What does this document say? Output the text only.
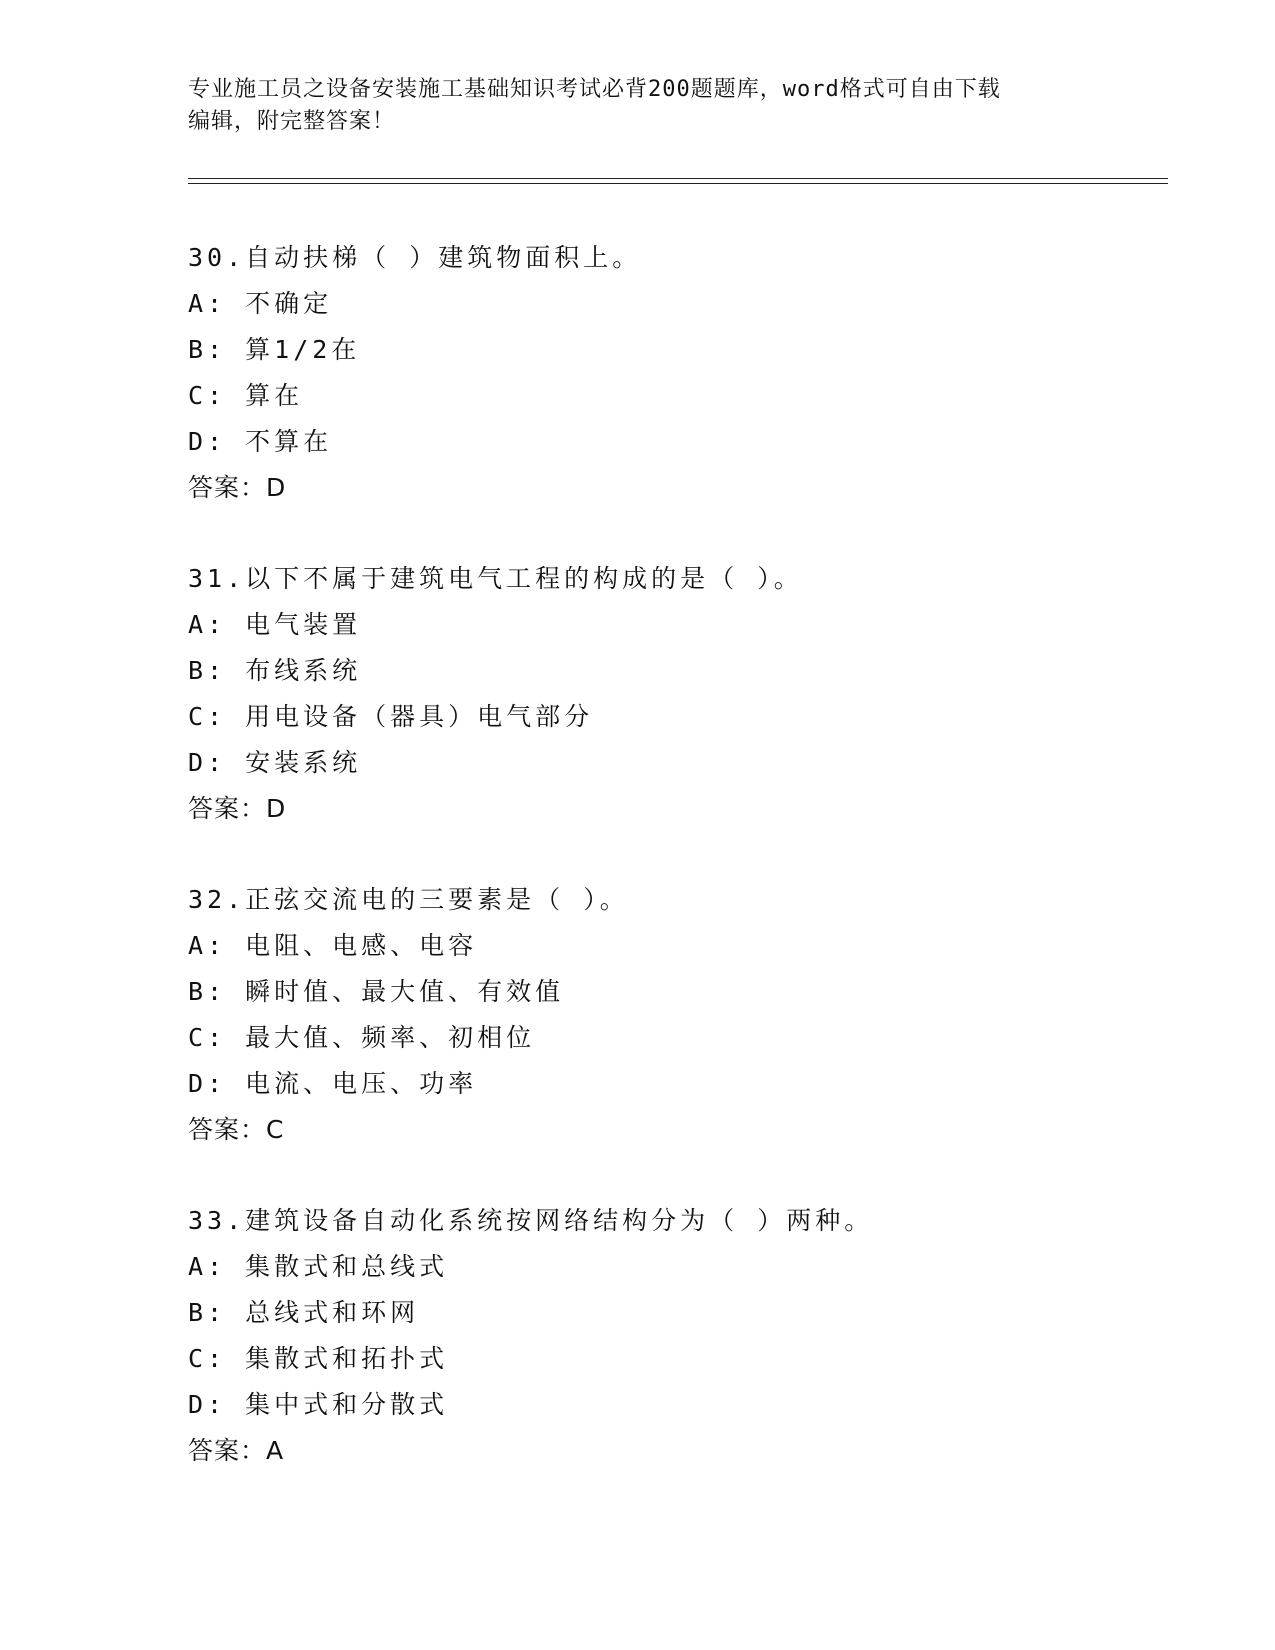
专业施工员之设备安装施工基础知识考试必背200题题库，word格式可自由下载
编辑，附完整答案！
30.自动扶梯（ ）建筑物面积上。
A: 不确定
B: 算1/2在
C: 算在
D: 不算在
答案：D
31.以下不属于建筑电气工程的构成的是（ ）。
A: 电气装置
B: 布线系统
C: 用电设备（器具）电气部分
D: 安装系统
答案：D
32.正弦交流电的三要素是（ ）。
A: 电阻、电感、电容
B: 瞬时值、最大值、有效值
C: 最大值、频率、初相位
D: 电流、电压、功率
答案：C
33.建筑设备自动化系统按网络结构分为（ ）两种。
A: 集散式和总线式
B: 总线式和环网
C: 集散式和拓扑式
D: 集中式和分散式
答案：A
